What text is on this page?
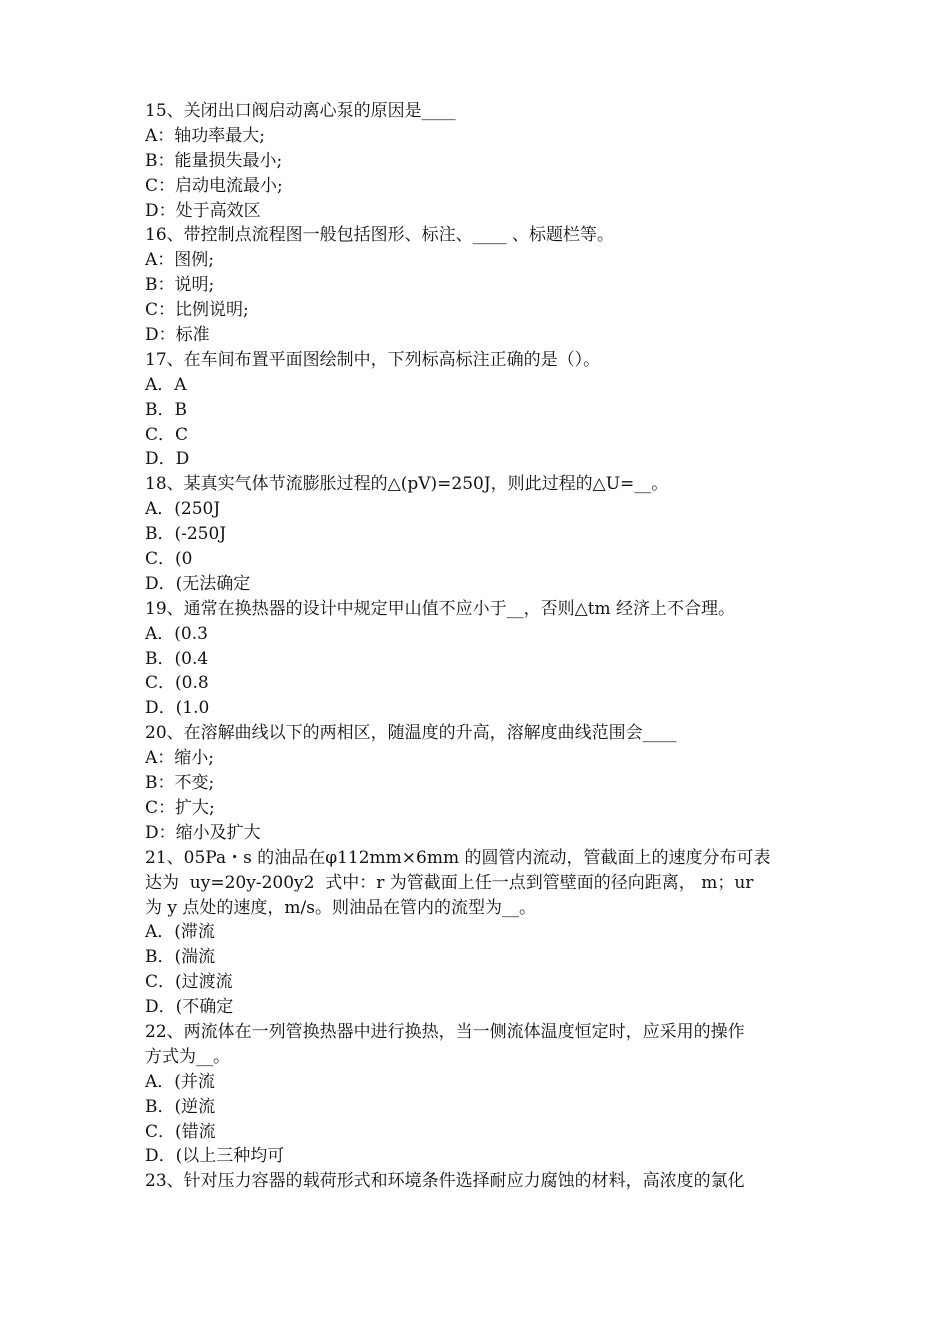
15、关闭出口阀启动离心泵的原因是____
A：轴功率最大;
B：能量损失最小;
C：启动电流最小;
D：处于高效区
16、带控制点流程图一般包括图形、标注、____ 、标题栏等。
A：图例;
B：说明;
C：比例说明;
D：标准
17、在车间布置平面图绘制中，下列标高标注正确的是（）。
A．A
B．B
C．C
D．D
18、某真实气体节流膨胀过程的△(pV)=250J，则此过程的△U=__。
A．(250J
B．(-250J
C．(0
D．(无法确定
19、通常在换热器的设计中规定甲山值不应小于__，否则△tm 经济上不合理。
A．(0.3
B．(0.4
C．(0.8
D．(1.0
20、在溶解曲线以下的两相区，随温度的升高，溶解度曲线范围会____
A：缩小;
B：不变;
C：扩大;
D：缩小及扩大
21、05Pa・s 的油品在φ112mm×6mm 的圆管内流动，管截面上的速度分布可表
达为  uy=20y-200y2  式中：r 为管截面上任一点到管壁面的径向距离， m；ur
为 y 点处的速度，m/s。则油品在管内的流型为__。
A．(滞流
B．(湍流
C．(过渡流
D．(不确定
22、两流体在一列管换热器中进行换热，当一侧流体温度恒定时，应采用的操作
方式为__。
A．(并流
B．(逆流
C．(错流
D．(以上三种均可
23、针对压力容器的载荷形式和环境条件选择耐应力腐蚀的材料，高浓度的氯化
